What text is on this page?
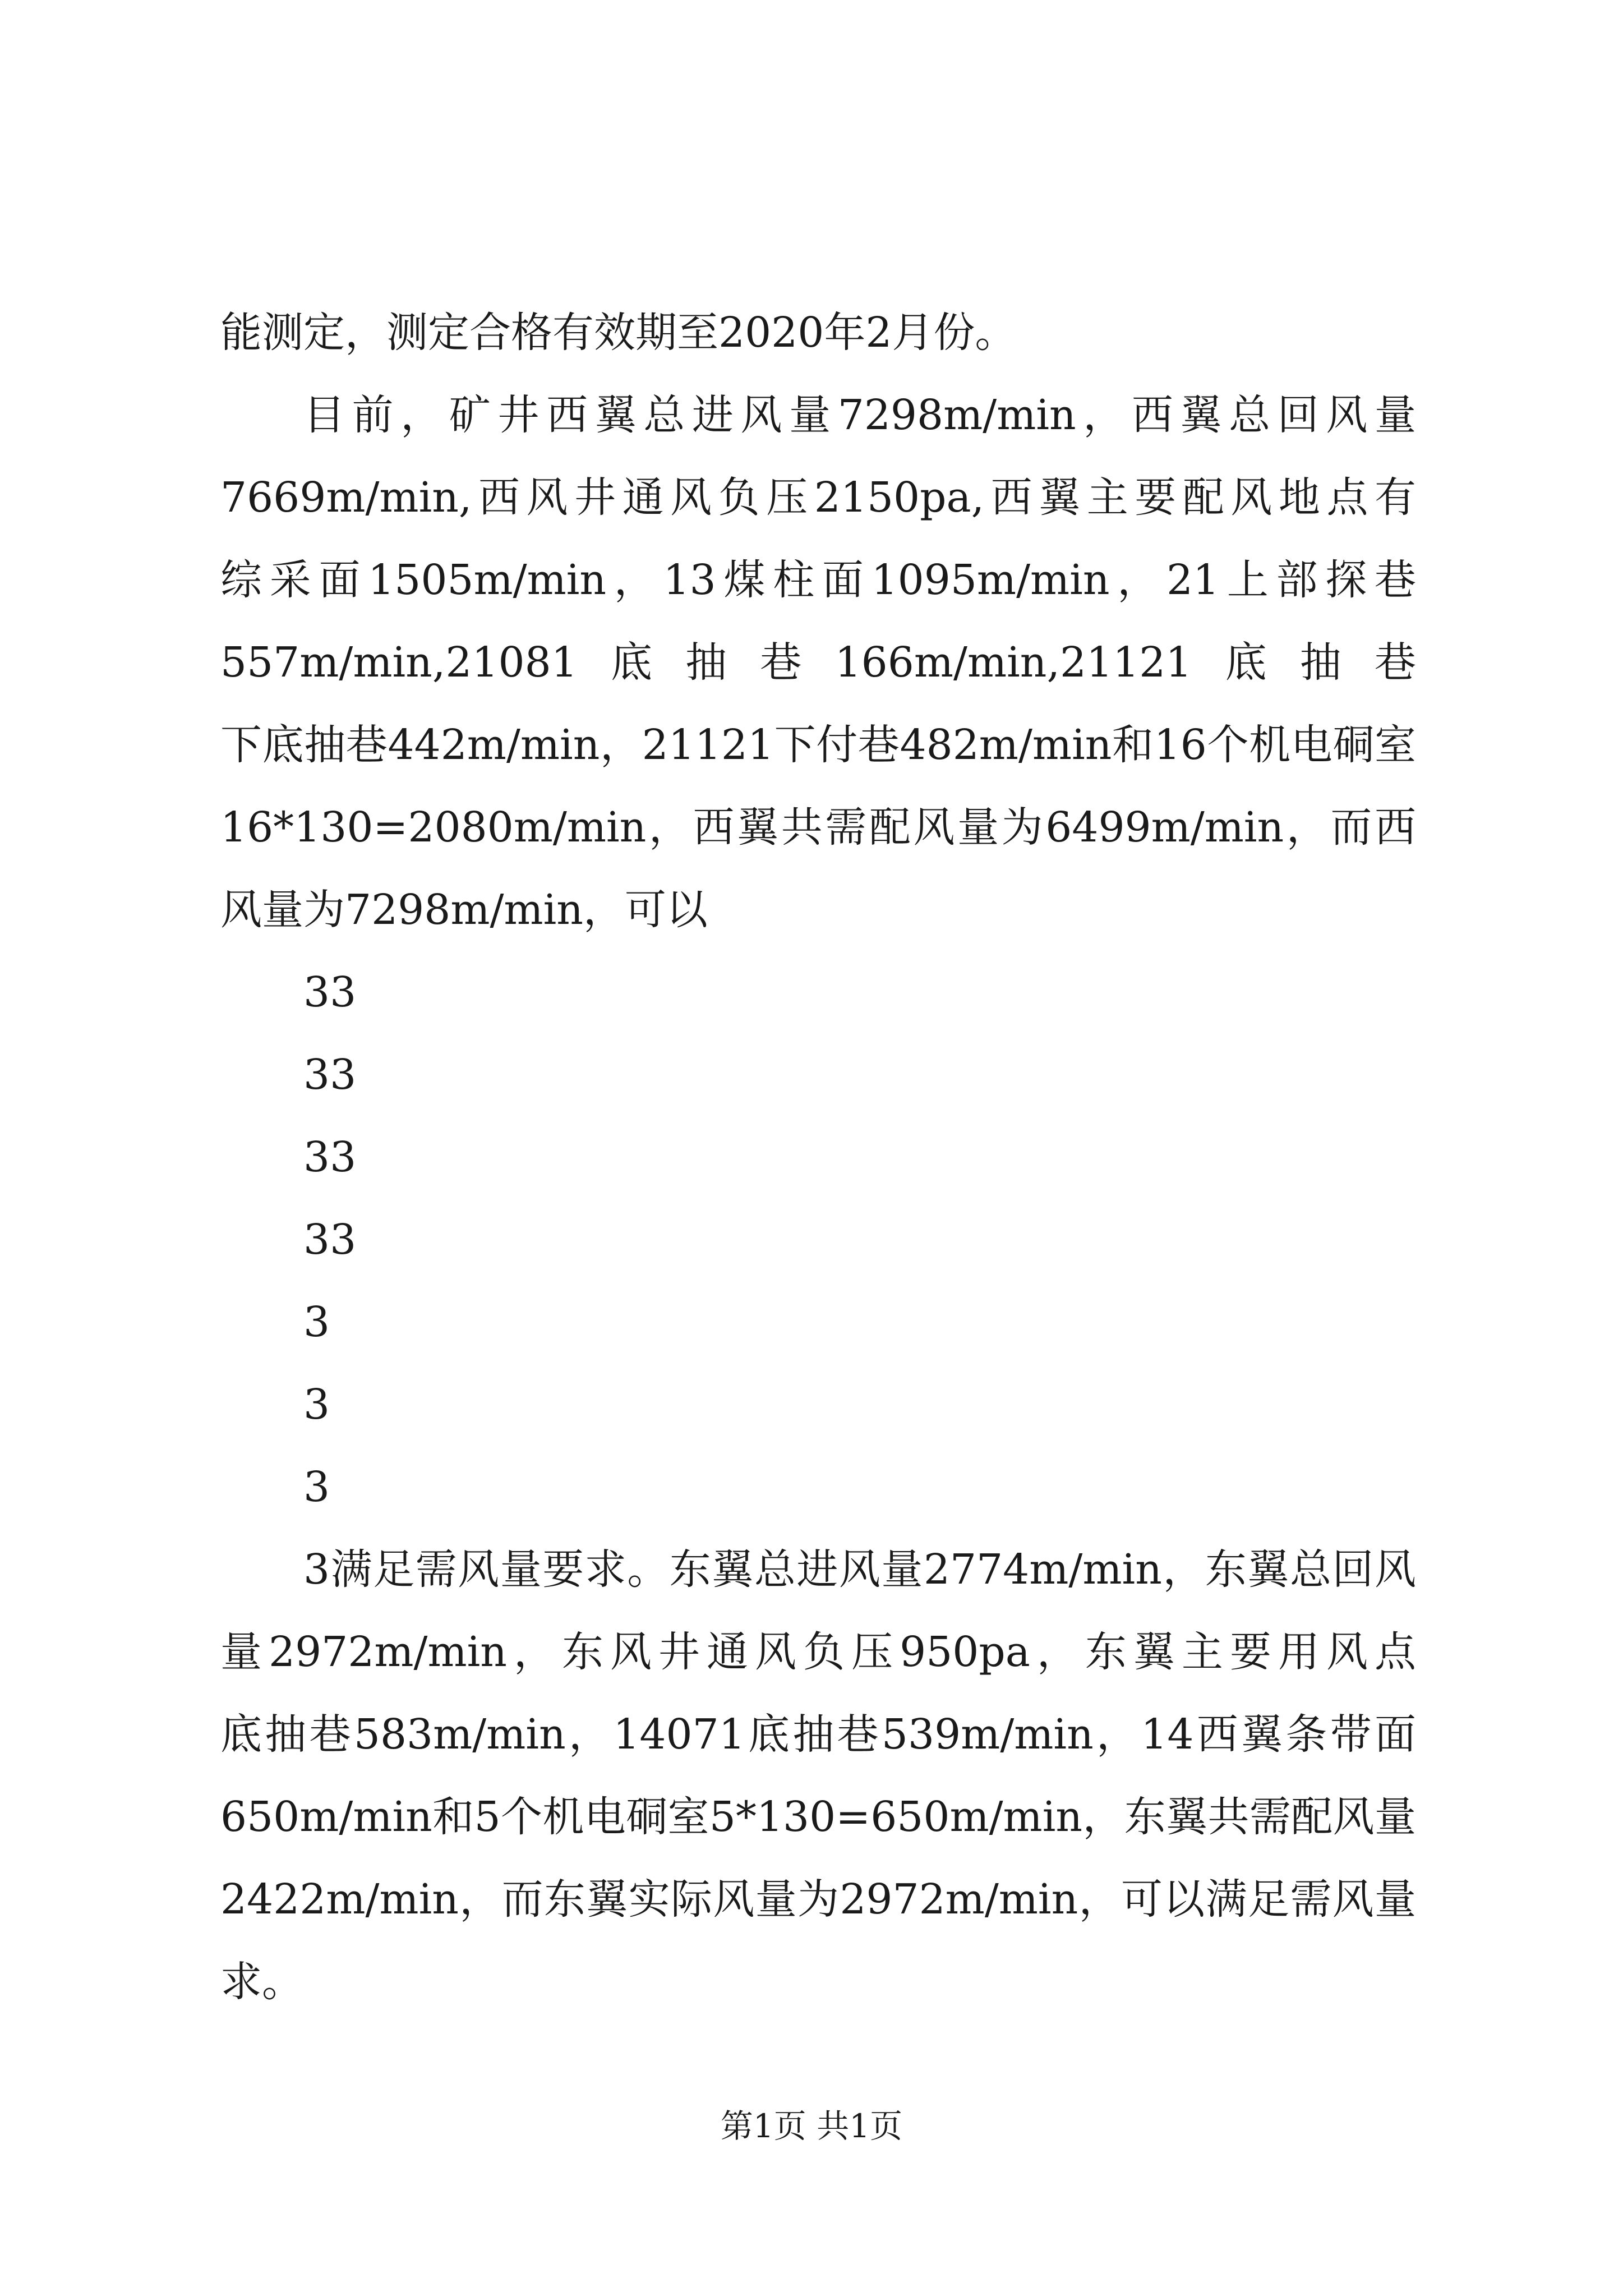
能测定，测定合格有效期至2020年2月份。
目前，矿井西翼总进风量7298m/min，西翼总回风量
7669m/min,西风井通风负压2150pa,西翼主要配风地点有
综采面1505m/min，13煤柱面1095m/min，21上部探巷
557m/min,21081底抽巷166m/min,21121底抽巷
下底抽巷442m/min，21121下付巷482m/min和16个机电硐室
16*130=2080m/min，西翼共需配风量为6499m/min，而西
风量为7298m/min，可以
33
33
33
33
3
3
3
3满足需风量要求。东翼总进风量2774m/min，东翼总回风
量2972m/min，东风井通风负压950pa，东翼主要用风点
底抽巷583m/min，14071底抽巷539m/min，14西翼条带面
650m/min和5个机电硐室5*130=650m/min，东翼共需配风量
2422m/min，而东翼实际风量为2972m/min，可以满足需风量
求。
第1页 共1页
